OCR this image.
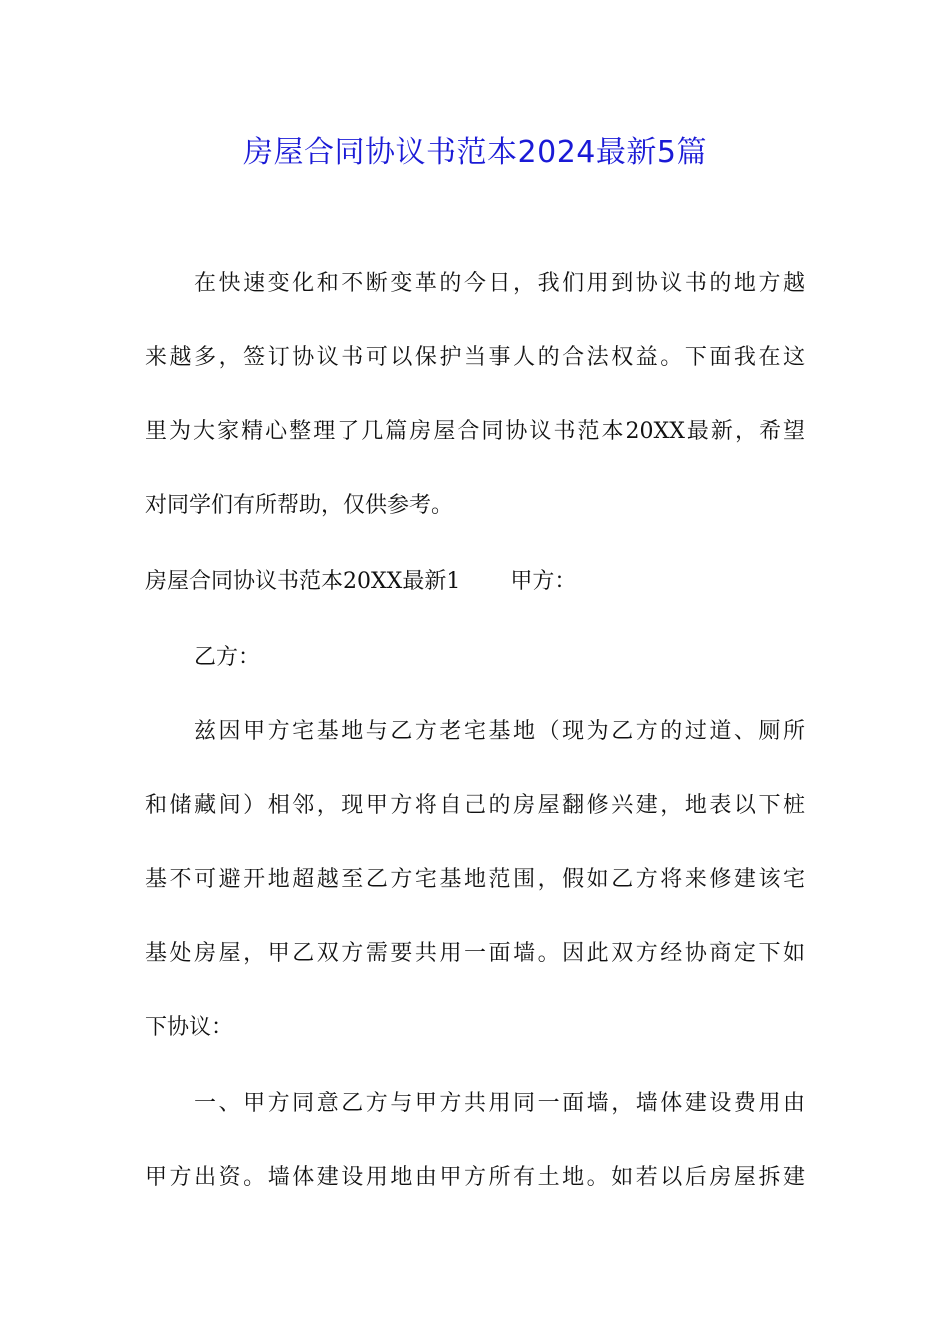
房屋合同协议书范本2024最新5篇
在快速变化和不断变革的今日，我们用到协议书的地方越
来越多，签订协议书可以保护当事人的合法权益。下面我在这
里为大家精心整理了几篇房屋合同协议书范本20XX最新，希望
对同学们有所帮助，仅供参考。
房屋合同协议书范本20XX最新1 甲方：
乙方：
兹因甲方宅基地与乙方老宅基地（现为乙方的过道、厕所
和储藏间）相邻，现甲方将自己的房屋翻修兴建，地表以下桩
基不可避开地超越至乙方宅基地范围，假如乙方将来修建该宅
基处房屋，甲乙双方需要共用一面墙。因此双方经协商定下如
下协议：
一、甲方同意乙方与甲方共用同一面墙，墙体建设费用由
甲方出资。墙体建设用地由甲方所有土地。如若以后房屋拆建
